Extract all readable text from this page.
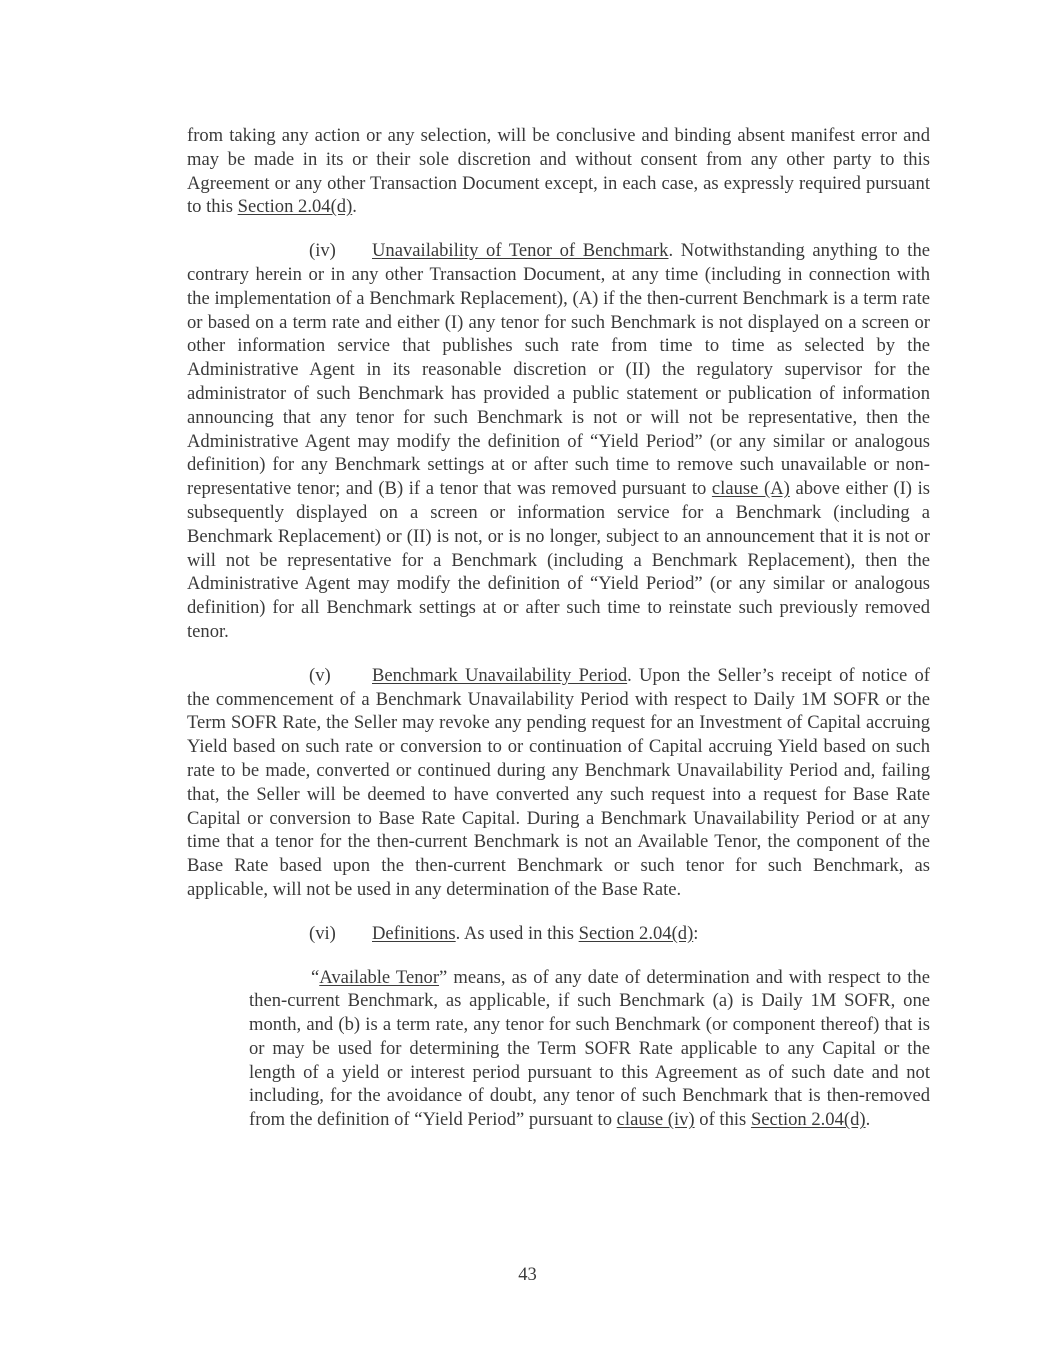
from taking any action or any selection, will be conclusive and binding absent manifest error and may be made in its or their sole discretion and without consent from any other party to this Agreement or any other Transaction Document except, in each case, as expressly required pursuant to this Section 2.04(d).

(iv) Unavailability of Tenor of Benchmark. Notwithstanding anything to the contrary herein or in any other Transaction Document, at any time (including in connection with the implementation of a Benchmark Replacement), (A) if the then-current Benchmark is a term rate or based on a term rate and either (I) any tenor for such Benchmark is not displayed on a screen or other information service that publishes such rate from time to time as selected by the Administrative Agent in its reasonable discretion or (II) the regulatory supervisor for the administrator of such Benchmark has provided a public statement or publication of information announcing that any tenor for such Benchmark is not or will not be representative, then the Administrative Agent may modify the definition of “Yield Period” (or any similar or analogous definition) for any Benchmark settings at or after such time to remove such unavailable or non-representative tenor; and (B) if a tenor that was removed pursuant to clause (A) above either (I) is subsequently displayed on a screen or information service for a Benchmark (including a Benchmark Replacement) or (II) is not, or is no longer, subject to an announcement that it is not or will not be representative for a Benchmark (including a Benchmark Replacement), then the Administrative Agent may modify the definition of “Yield Period” (or any similar or analogous definition) for all Benchmark settings at or after such time to reinstate such previously removed tenor.

(v) Benchmark Unavailability Period. Upon the Seller’s receipt of notice of the commencement of a Benchmark Unavailability Period with respect to Daily 1M SOFR or the Term SOFR Rate, the Seller may revoke any pending request for an Investment of Capital accruing Yield based on such rate or conversion to or continuation of Capital accruing Yield based on such rate to be made, converted or continued during any Benchmark Unavailability Period and, failing that, the Seller will be deemed to have converted any such request into a request for Base Rate Capital or conversion to Base Rate Capital. During a Benchmark Unavailability Period or at any time that a tenor for the then-current Benchmark is not an Available Tenor, the component of the Base Rate based upon the then-current Benchmark or such tenor for such Benchmark, as applicable, will not be used in any determination of the Base Rate.

(vi) Definitions. As used in this Section 2.04(d):

“Available Tenor” means, as of any date of determination and with respect to the then-current Benchmark, as applicable, if such Benchmark (a) is Daily 1M SOFR, one month, and (b) is a term rate, any tenor for such Benchmark (or component thereof) that is or may be used for determining the Term SOFR Rate applicable to any Capital or the length of a yield or interest period pursuant to this Agreement as of such date and not including, for the avoidance of doubt, any tenor of such Benchmark that is then-removed from the definition of “Yield Period” pursuant to clause (iv) of this Section 2.04(d).

43
